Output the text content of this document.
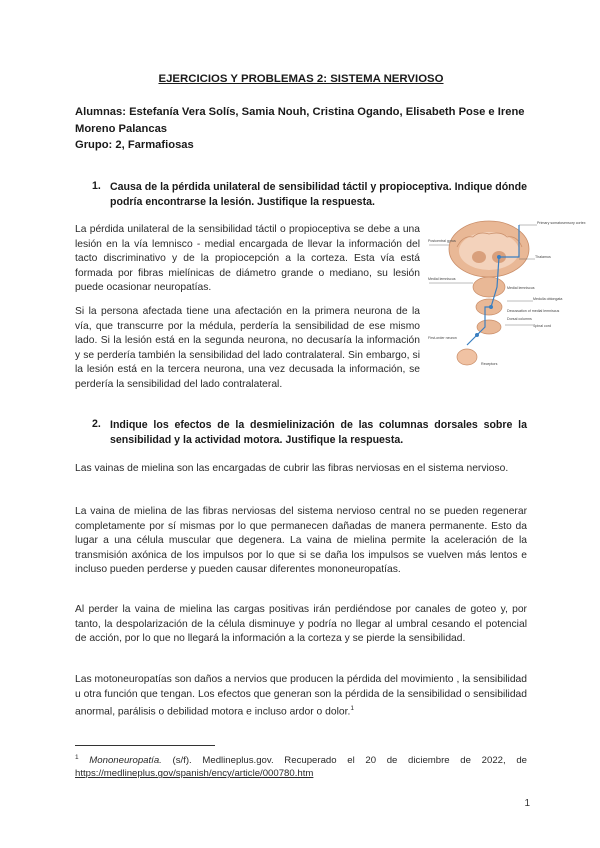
EJERCICIOS Y PROBLEMAS 2: SISTEMA NERVIOSO
Alumnas: Estefanía Vera Solís, Samia Nouh, Cristina Ogando, Elisabeth Pose e Irene Moreno Palancas
Grupo: 2, Farmafiosas
1. Causa de la pérdida unilateral de sensibilidad táctil y propioceptiva. Indique dónde podría encontrarse la lesión. Justifique la respuesta.
La pérdida unilateral de la sensibilidad táctil o propioceptiva se debe a una lesión en la vía lemnisco - medial encargada de llevar la información del tacto discriminativo y de la propiocepción a la corteza. Esta vía está formada por fibras mielínicas de diámetro grande o mediano, su lesión puede ocasionar neuropatías.
Si la persona afectada tiene una afectación en la primera neurona de la vía, que transcurre por la médula, perdería la sensibilidad de ese mismo lado. Si la lesión está en la segunda neurona, no decusaría la información y se perdería también la sensibilidad del lado contralateral. Sin embargo, si la lesión está en la tercera neurona, una vez decusada la información, se perdería la sensibilidad del lado contralateral.
Primary somatosensory cortex
Postcentral gyrus
Thalamus
Medial lemniscus
Medial lemniscus
Medulla oblongata
Decussation of medial lemniscus
Dorsal columns
Spinal cord
First-order neuron
Receptors
2. Indique los efectos de la desmielinización de las columnas dorsales sobre la sensibilidad y la actividad motora. Justifique la respuesta.
Las vainas de mielina son las encargadas de cubrir las fibras nerviosas en el sistema nervioso.
La vaina de mielina de las fibras nerviosas del sistema nervioso central no se pueden regenerar completamente por sí mismas por lo que permanecen dañadas de manera permanente. Esto da lugar a una célula muscular que degenera. La vaina de mielina permite la aceleración de la transmisión axónica de los impulsos por lo que si se daña los impulsos se vuelven más lentos e incluso pueden perderse y pueden causar diferentes mononeuropatías.
Al perder la vaina de mielina las cargas positivas irán perdiéndose por canales de goteo y, por tanto, la despolarización de la célula disminuye y podría no llegar al umbral cesando el potencial de acción, por lo que no llegará la información a la corteza y se pierde la sensibilidad.
Las motoneuropatías son daños a nervios que producen la pérdida del movimiento , la sensibilidad u otra función que tengan. Los efectos que generan son la pérdida de la sensibilidad o sensibilidad anormal, parálisis o debilidad motora e incluso ardor o dolor.$^1$
$^1$ Mononeuropatía. (s/f). Medlineplus.gov. Recuperado el 20 de diciembre de 2022, de https://medlineplus.gov/spanish/ency/article/000780.htm
1
